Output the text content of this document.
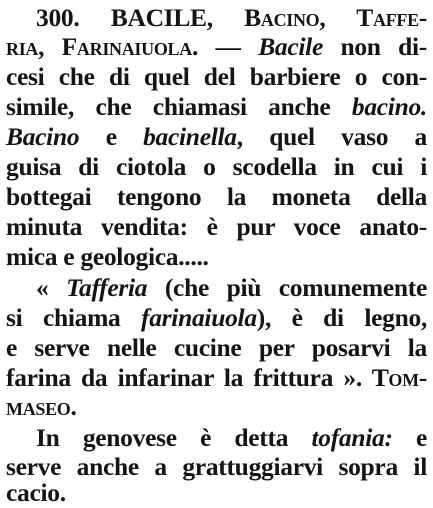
300. BACILE, Bacino, Taffe-
ria, Farinaiuola. — Bacile non di-
cesi che di quel del barbiere o con-
simile, che chiamasi anche bacino.
Bacino e bacinella, quel vaso a
guisa di ciotola o scodella in cui i
bottegai tengono la moneta della
minuta vendita: è pur voce anato-
mica e geologica.....
« Tafferia (che più comunemente
si chiama farinaiuola), è di legno,
e serve nelle cucine per posarvi la
farina da infarinar la frittura ». Tom-
maseo.
In genovese è detta tofania: e
serve anche a grattuggiarvi sopra il
cacio.
